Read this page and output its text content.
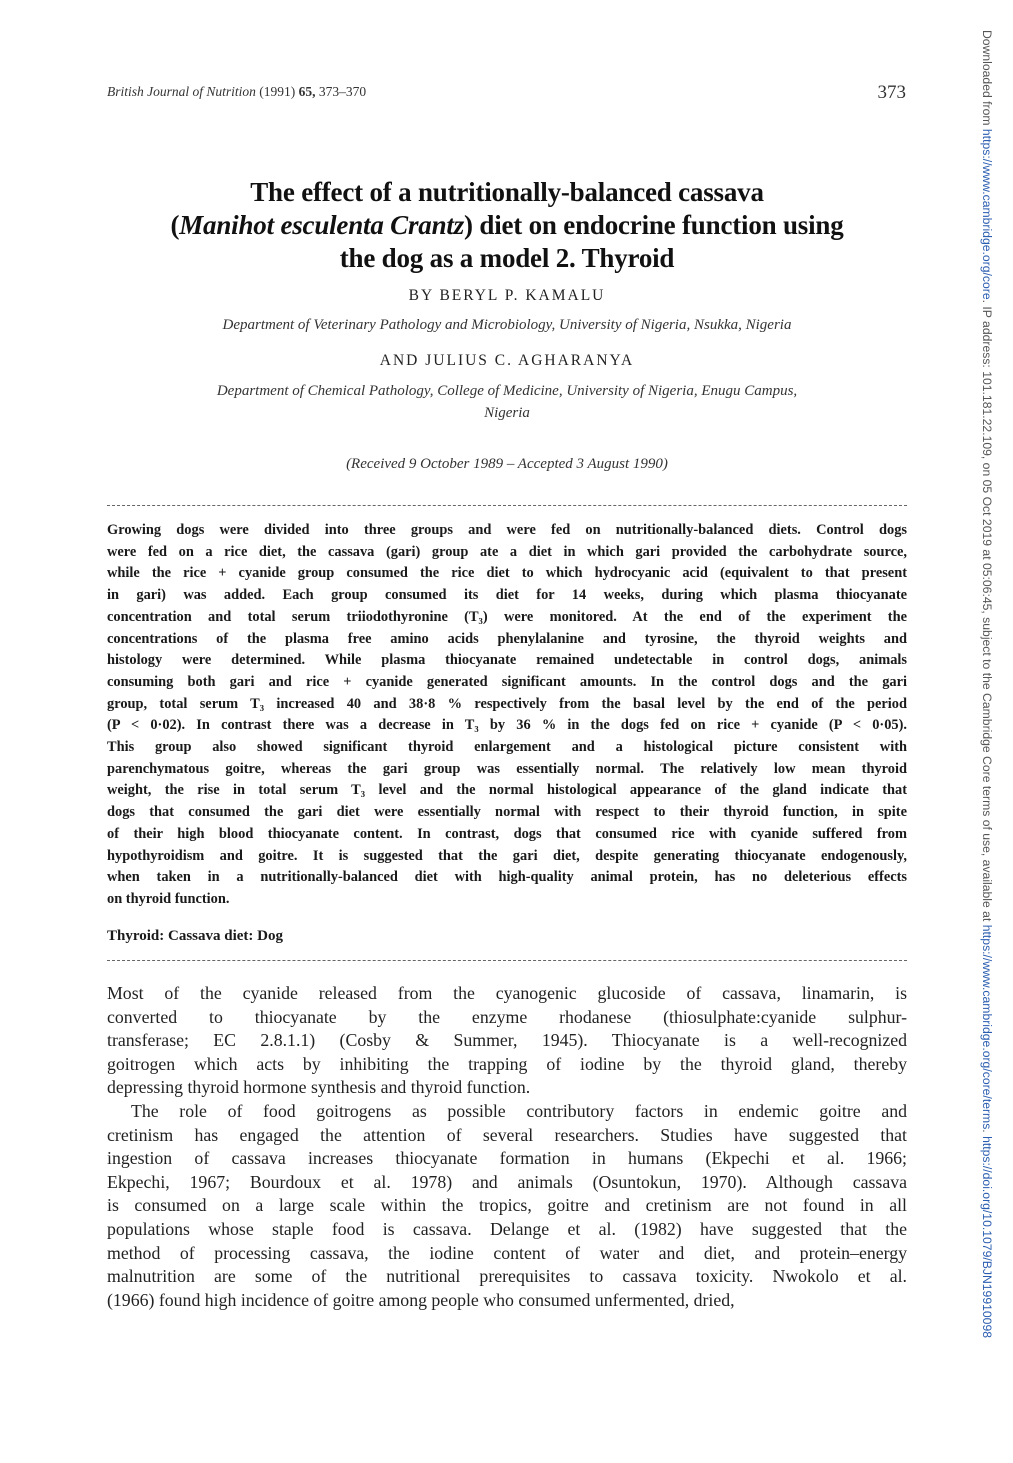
British Journal of Nutrition (1991) 65, 373–370	373
The effect of a nutritionally-balanced cassava
(Manihot esculenta Crantz) diet on endocrine function using
the dog as a model 2. Thyroid
BY BERYL P. KAMALU
Department of Veterinary Pathology and Microbiology, University of Nigeria, Nsukka, Nigeria
AND JULIUS C. AGHARANYA
Department of Chemical Pathology, College of Medicine, University of Nigeria, Enugu Campus,
Nigeria
(Received 9 October 1989 – Accepted 3 August 1990)
Growing dogs were divided into three groups and were fed on nutritionally-balanced diets. Control dogs
were fed on a rice diet, the cassava (gari) group ate a diet in which gari provided the carbohydrate source,
while the rice + cyanide group consumed the rice diet to which hydrocyanic acid (equivalent to that present
in gari) was added. Each group consumed its diet for 14 weeks, during which plasma thiocyanate
concentration and total serum triiodothyronine (T₃) were monitored. At the end of the experiment the
concentrations of the plasma free amino acids phenylalanine and tyrosine, the thyroid weights and
histology were determined. While plasma thiocyanate remained undetectable in control dogs, animals
consuming both gari and rice + cyanide generated significant amounts. In the control dogs and the gari
group, total serum T₃ increased 40 and 38·8 % respectively from the basal level by the end of the period
(P < 0·02). In contrast there was a decrease in T₃ by 36 % in the dogs fed on rice + cyanide (P < 0·05).
This group also showed significant thyroid enlargement and a histological picture consistent with
parenchymatous goitre, whereas the gari group was essentially normal. The relatively low mean thyroid
weight, the rise in total serum T₃ level and the normal histological appearance of the gland indicate that
dogs that consumed the gari diet were essentially normal with respect to their thyroid function, in spite
of their high blood thiocyanate content. In contrast, dogs that consumed rice with cyanide suffered from
hypothyroidism and goitre. It is suggested that the gari diet, despite generating thiocyanate endogenously,
when taken in a nutritionally-balanced diet with high-quality animal protein, has no deleterious effects
on thyroid function.
Thyroid: Cassava diet: Dog
Most of the cyanide released from the cyanogenic glucoside of cassava, linamarin, is
converted to thiocyanate by the enzyme rhodanese (thiosulphate:cyanide sulphur-
transferase; EC 2.8.1.1) (Cosby & Summer, 1945). Thiocyanate is a well-recognized
goitrogen which acts by inhibiting the trapping of iodine by the thyroid gland, thereby
depressing thyroid hormone synthesis and thyroid function.
The role of food goitrogens as possible contributory factors in endemic goitre and
cretinism has engaged the attention of several researchers. Studies have suggested that
ingestion of cassava increases thiocyanate formation in humans (Ekpechi et al. 1966;
Ekpechi, 1967; Bourdoux et al. 1978) and animals (Osuntokun, 1970). Although cassava
is consumed on a large scale within the tropics, goitre and cretinism are not found in all
populations whose staple food is cassava. Delange et al. (1982) have suggested that the
method of processing cassava, the iodine content of water and diet, and protein–energy
malnutrition are some of the nutritional prerequisites to cassava toxicity. Nwokolo et al.
(1966) found high incidence of goitre among people who consumed unfermented, dried,
Downloaded from https://www.cambridge.org/core. IP address: 101.181.22.109, on 05 Oct 2019 at 05:06:45, subject to the Cambridge Core terms of use, available at https://www.cambridge.org/core/terms. https://doi.org/10.1079/BJN19910098
